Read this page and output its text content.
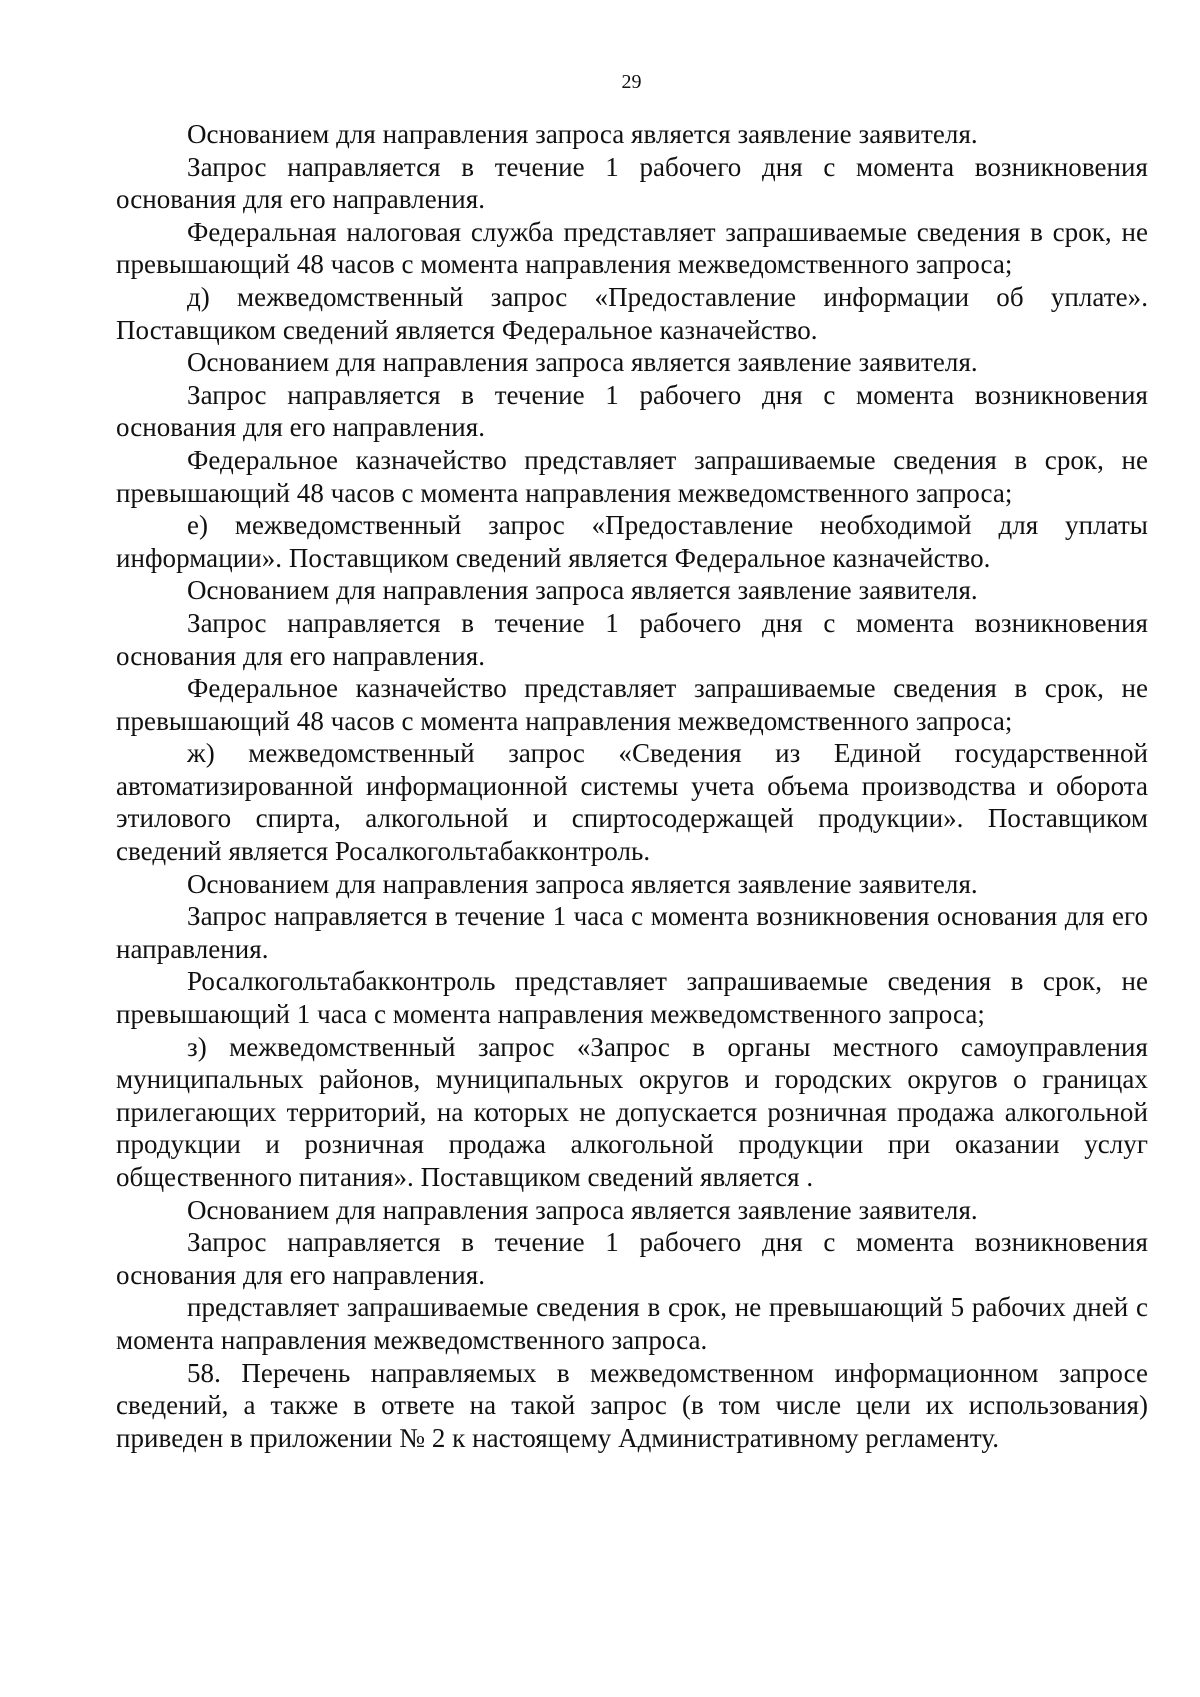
29

Основанием для направления запроса является заявление заявителя.

Запрос направляется в течение 1 рабочего дня с момента возникновения основания для его направления.

Федеральная налоговая служба представляет запрашиваемые сведения в срок, не превышающий 48 часов с момента направления межведомственного запроса;

д) межведомственный запрос «Предоставление информации об уплате». Поставщиком сведений является Федеральное казначейство.

Основанием для направления запроса является заявление заявителя.

Запрос направляется в течение 1 рабочего дня с момента возникновения основания для его направления.

Федеральное казначейство представляет запрашиваемые сведения в срок, не превышающий 48 часов с момента направления межведомственного запроса;

е) межведомственный запрос «Предоставление необходимой для уплаты информации». Поставщиком сведений является Федеральное казначейство.

Основанием для направления запроса является заявление заявителя.

Запрос направляется в течение 1 рабочего дня с момента возникновения основания для его направления.

Федеральное казначейство представляет запрашиваемые сведения в срок, не превышающий 48 часов с момента направления межведомственного запроса;

ж) межведомственный запрос «Сведения из Единой государственной автоматизированной информационной системы учета объема производства и оборота этилового спирта, алкогольной и спиртосодержащей продукции». Поставщиком сведений является Росалкогольтабакконтроль.

Основанием для направления запроса является заявление заявителя.

Запрос направляется в течение 1 часа с момента возникновения основания для его направления.

Росалкогольтабакконтроль представляет запрашиваемые сведения в срок, не превышающий 1 часа с момента направления межведомственного запроса;

з) межведомственный запрос «Запрос в органы местного самоуправления муниципальных районов, муниципальных округов и городских округов о границах прилегающих территорий, на которых не допускается розничная продажа алкогольной продукции и розничная продажа алкогольной продукции при оказании услуг общественного питания». Поставщиком сведений является .

Основанием для направления запроса является заявление заявителя.

Запрос направляется в течение 1 рабочего дня с момента возникновения основания для его направления.

представляет запрашиваемые сведения в срок, не превышающий 5 рабочих дней с момента направления межведомственного запроса.

58. Перечень направляемых в межведомственном информационном запросе сведений, а также в ответе на такой запрос (в том числе цели их использования) приведен в приложении № 2 к настоящему Административному регламенту.
